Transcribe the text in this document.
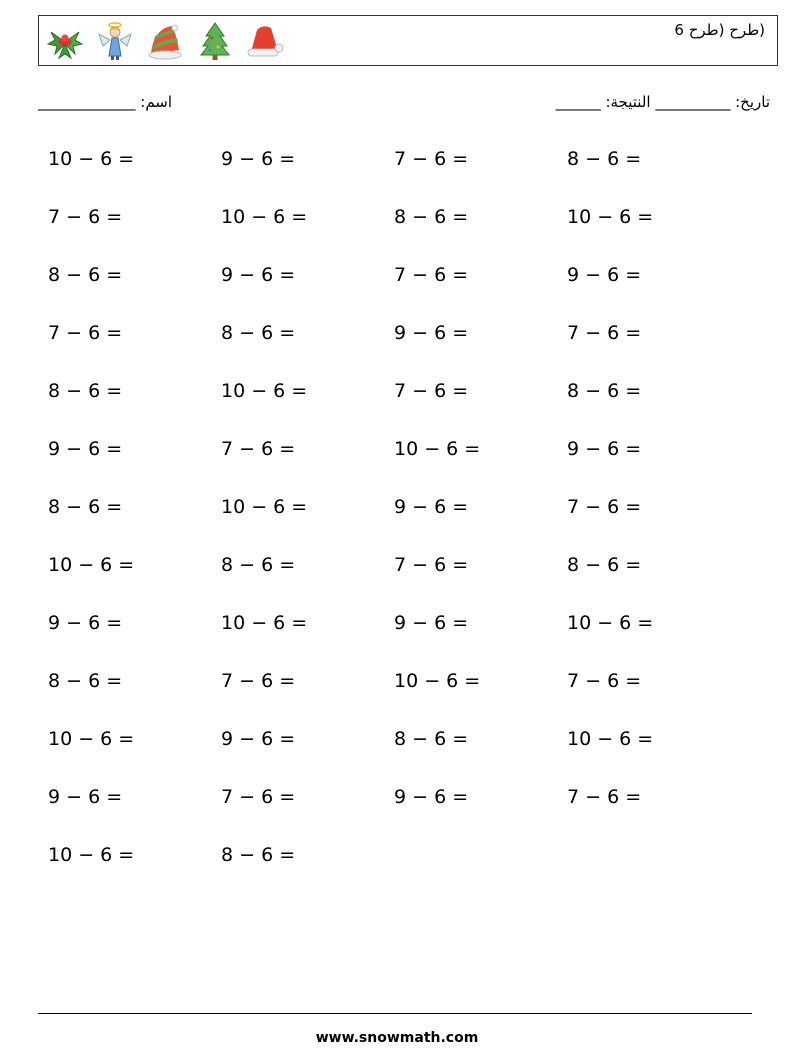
(طرح (طرح 6
_____________ :اسم	______ :تاريخ: __________ النتيجة
10 − 6 =	9 − 6 =	7 − 6 =	8 − 6 =
7 − 6 =	10 − 6 =	8 − 6 =	10 − 6 =
8 − 6 =	9 − 6 =	7 − 6 =	9 − 6 =
7 − 6 =	8 − 6 =	9 − 6 =	7 − 6 =
8 − 6 =	10 − 6 =	7 − 6 =	8 − 6 =
9 − 6 =	7 − 6 =	10 − 6 =	9 − 6 =
8 − 6 =	10 − 6 =	9 − 6 =	7 − 6 =
10 − 6 =	8 − 6 =	7 − 6 =	8 − 6 =
9 − 6 =	10 − 6 =	9 − 6 =	10 − 6 =
8 − 6 =	7 − 6 =	10 − 6 =	7 − 6 =
10 − 6 =	9 − 6 =	8 − 6 =	10 − 6 =
9 − 6 =	7 − 6 =	9 − 6 =	7 − 6 =
10 − 6 =	8 − 6 =
www.snowmath.com
